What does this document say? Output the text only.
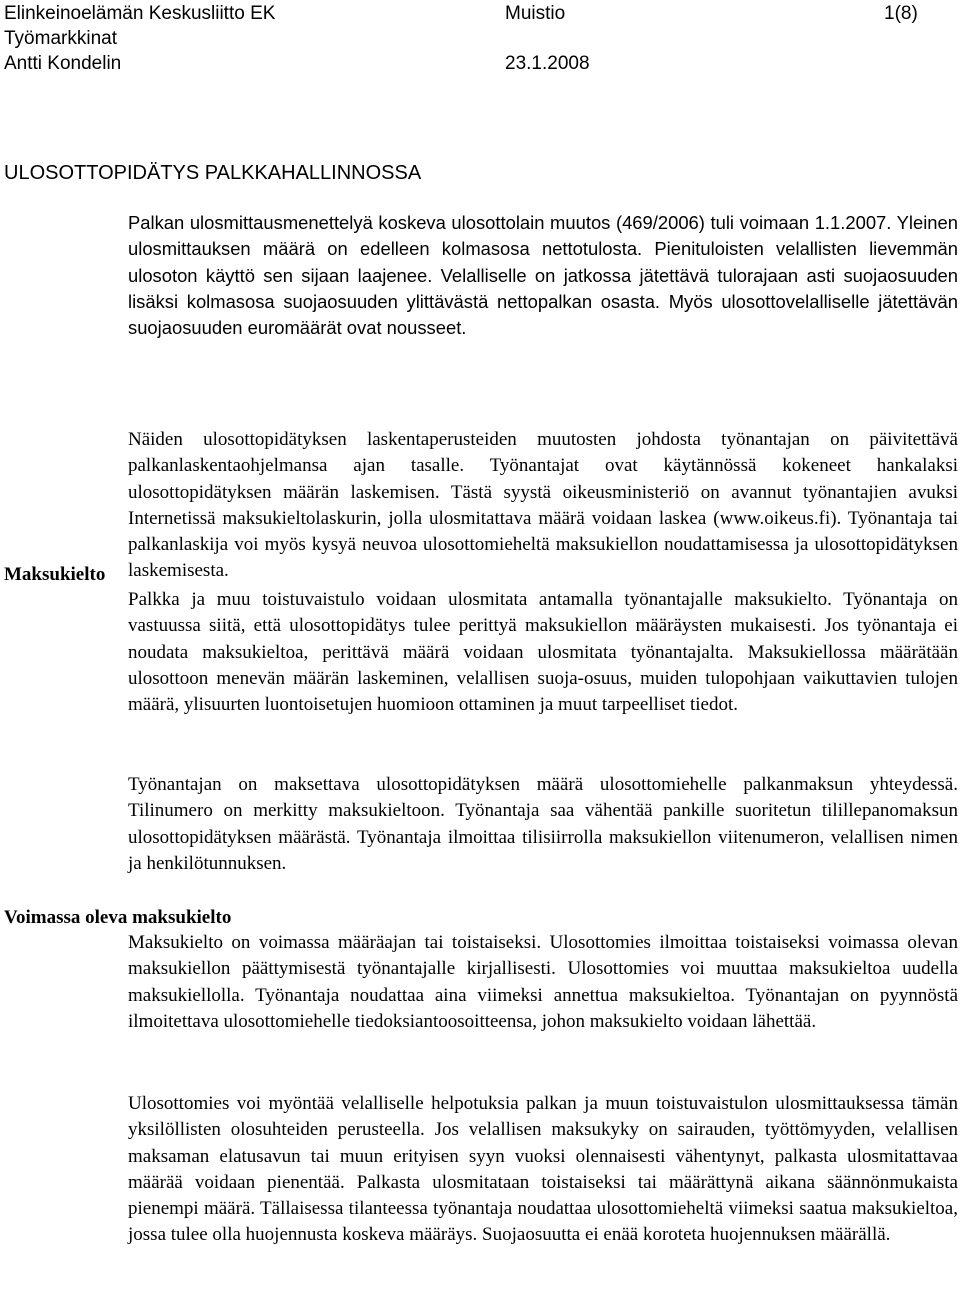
Elinkeinoelämän Keskusliitto EK	Muistio	1(8)
Työmarkkinat
Antti Kondelin	23.1.2008
ULOSOTTOPIDÄTYS PALKKAHALLINNOSSA

Palkan ulosmittausmenettelyä koskeva ulosottolain muutos (469/2006) tuli voimaan 1.1.2007. Yleinen ulosmittauksen määrä on edelleen kolmasosa nettotulosta. Pienituloisten velallisten lievemmän ulosoton käyttö sen sijaan laajenee. Velalliselle on jatkossa jätettävä tulorajaan asti suojaosuuden lisäksi kolmasosa suojaosuuden ylittävästä nettopalkan osasta. Myös ulosottovelalliselle jätettävän suojaosuuden euromäärät ovat nousseet.

Näiden ulosottopidätyksen laskentaperusteiden muutosten johdosta työnantajan on päivitettävä palkanlaskentaohjelmansa ajan tasalle. Työnantajat ovat käytännössä kokeneet hankalaksi ulosottopidätyksen määrän laskemisen. Tästä syystä oikeusministeriö on avannut työnantajien avuksi Internetissä maksukieltolaskurin, jolla ulosmitattava määrä voidaan laskea (www.oikeus.fi). Työnantaja tai palkanlaskija voi myös kysyä neuvoa ulosottomieheltä maksukiellon noudattamisessa ja ulosottopidätyksen laskemisesta.

Maksukielto

Palkka ja muu toistuvaistulo voidaan ulosmitata antamalla työnantajalle maksukielto. Työnantaja on vastuussa siitä, että ulosottopidätys tulee perittyä maksukiellon määräysten mukaisesti. Jos työnantaja ei noudata maksukieltoa, perittävä määrä voidaan ulosmitata työnantajalta. Maksukiellossa määrätään ulosottoon menevän määrän laskeminen, velallisen suoja-osuus, muiden tulopohjaan vaikuttavien tulojen määrä, ylisuurten luontoisetujen huomioon ottaminen ja muut tarpeelliset tiedot.

Työnantajan on maksettava ulosottopidätyksen määrä ulosottomiehelle palkanmaksun yhteydessä. Tilinumero on merkitty maksukieltoon. Työnantaja saa vähentää pankille suoritetun tilillepanomaksun ulosottopidätyksen määrästä. Työnantaja ilmoittaa tilisiirrolla maksukiellon viitenumeron, velallisen nimen ja henkilötunnuksen.

Voimassa oleva maksukielto

Maksukielto on voimassa määräajan tai toistaiseksi. Ulosottomies ilmoittaa toistaiseksi voimassa olevan maksukiellon päättymisestä työnantajalle kirjallisesti. Ulosottomies voi muuttaa maksukieltoa uudella maksukiellolla. Työnantaja noudattaa aina viimeksi annettua maksukieltoa. Työnantajan on pyynnöstä ilmoitettava ulosottomiehelle tiedoksiantoosoitteensa, johon maksukielto voidaan lähettää.

Ulosottomies voi myöntää velalliselle helpotuksia palkan ja muun toistuvaistulon ulosmittauksessa tämän yksilöllisten olosuhteiden perusteella. Jos velallisen maksukyky on sairauden, työttömyyden, velallisen maksaman elatusavun tai muun erityisen syyn vuoksi olennaisesti vähentynyt, palkasta ulosmitattavaa määrää voidaan pienentää. Palkasta ulosmitataan toistaiseksi tai määrättynä aikana säännönmukaista pienempi määrä. Tällaisessa tilanteessa työnantaja noudattaa ulosottomieheltä viimeksi saatua maksukieltoa, jossa tulee olla huojennusta koskeva määräys. Suojaosuutta ei enää koroteta huojennuksen määrällä.
